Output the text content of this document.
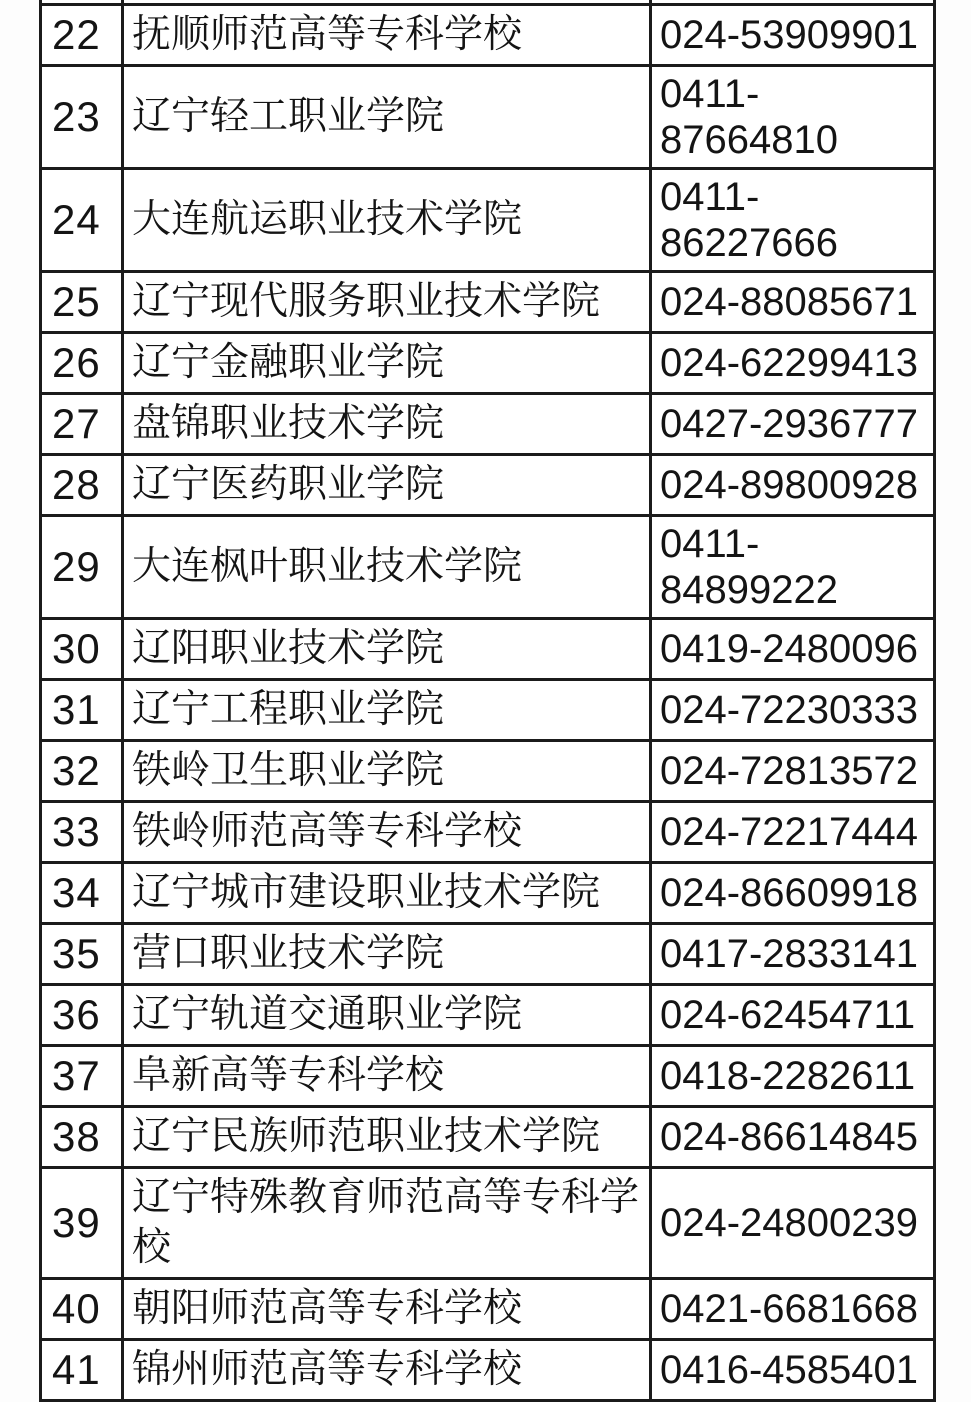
22	抚顺师范高等专科学校	024-53909901
23	辽宁轻工职业学院	0411-87664810
24	大连航运职业技术学院	0411-86227666
25	辽宁现代服务职业技术学院	024-88085671
26	辽宁金融职业学院	024-62299413
27	盘锦职业技术学院	0427-2936777
28	辽宁医药职业学院	024-89800928
29	大连枫叶职业技术学院	0411-84899222
30	辽阳职业技术学院	0419-2480096
31	辽宁工程职业学院	024-72230333
32	铁岭卫生职业学院	024-72813572
33	铁岭师范高等专科学校	024-72217444
34	辽宁城市建设职业技术学院	024-86609918
35	营口职业技术学院	0417-2833141
36	辽宁轨道交通职业学院	024-62454711
37	阜新高等专科学校	0418-2282611
38	辽宁民族师范职业技术学院	024-86614845
39	辽宁特殊教育师范高等专科学校	024-24800239
40	朝阳师范高等专科学校	0421-6681668
41	锦州师范高等专科学校	0416-4585401
